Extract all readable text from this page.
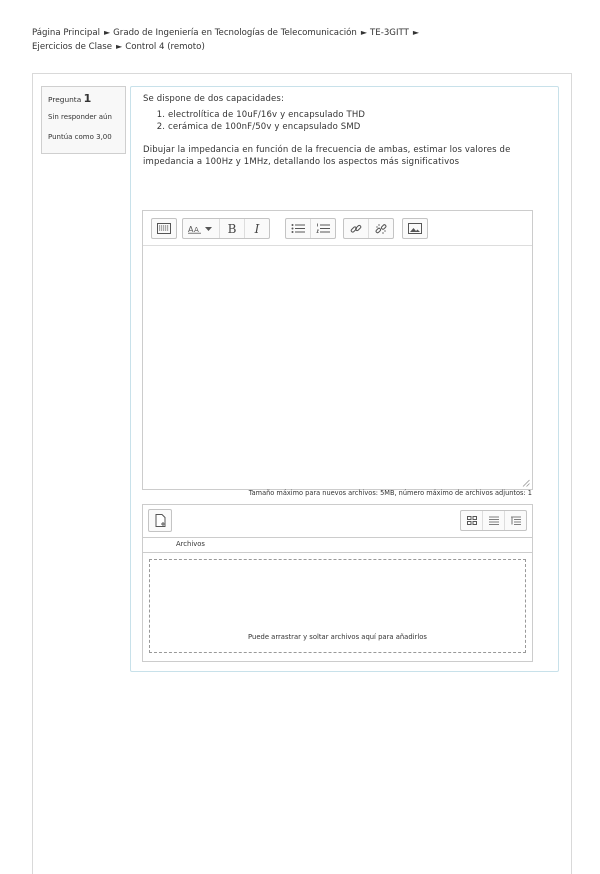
Página Principal ► Grado de Ingeniería en Tecnologías de Telecomunicación ► TE-3GITT ►
Ejercicios de Clase ► Control 4 (remoto)
Pregunta 1
Sin responder aún
Puntúa como 3,00
Se dispone de dos capacidades:
1. electrolítica de 10uF/16v y encapsulado THD
2. cerámica de 100nF/50v y encapsulado SMD
Dibujar la impedancia en función de la frecuencia de ambas, estimar los valores de impedancia a 100Hz y 1MHz, detallando los aspectos más significativos
A A	B	I
Tamaño máximo para nuevos archivos: 5MB, número máximo de archivos adjuntos: 1
Archivos
Puede arrastrar y soltar archivos aquí para añadirlos
